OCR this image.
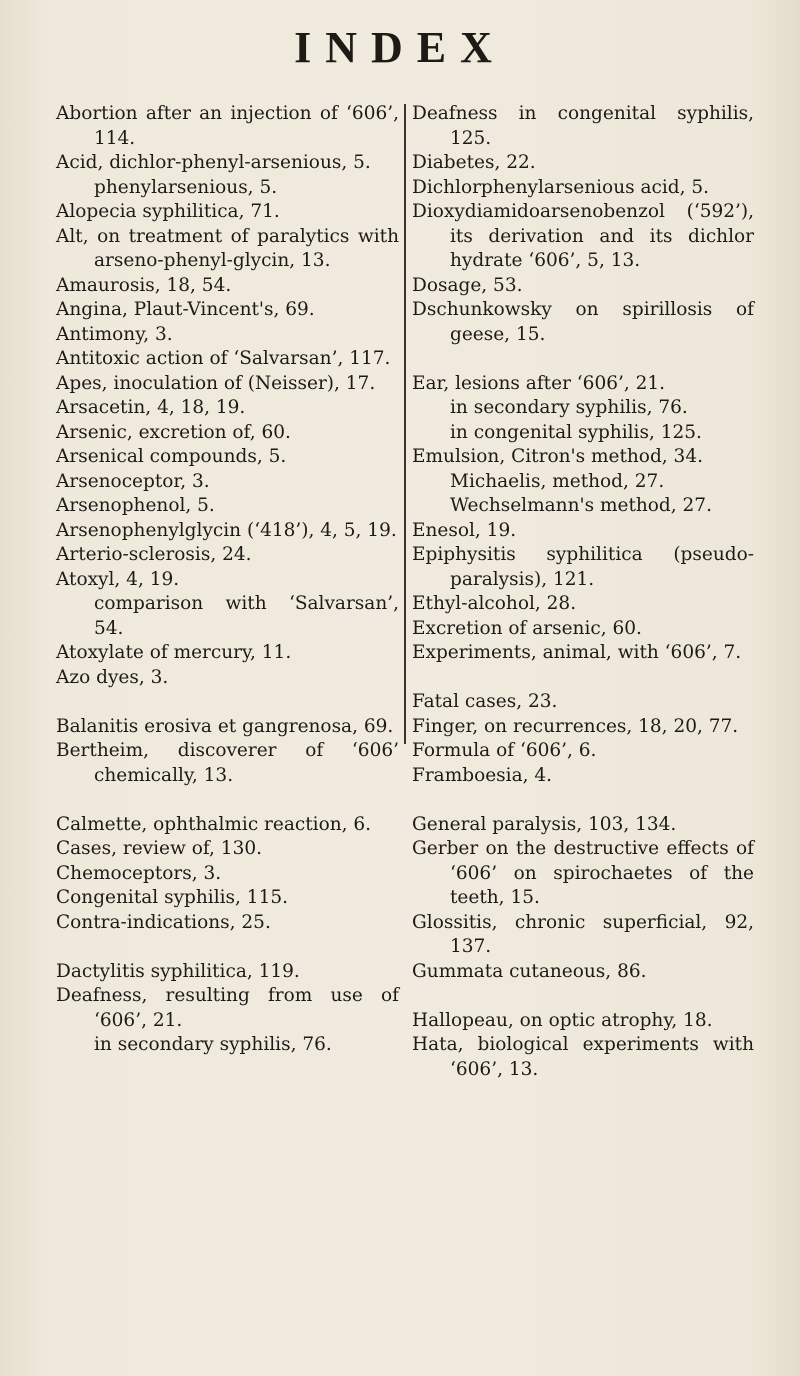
INDEX
Abortion after an injection of ‘606’, 114.
Acid, dichlor-phenyl-arsenious, 5.
phenylarsenious, 5.
Alopecia syphilitica, 71.
Alt, on treatment of paralytics with arseno-phenyl-glycin, 13.
Amaurosis, 18, 54.
Angina, Plaut-Vincent's, 69.
Antimony, 3.
Antitoxic action of ‘Salvarsan’, 117.
Apes, inoculation of (Neisser), 17.
Arsacetin, 4, 18, 19.
Arsenic, excretion of, 60.
Arsenical compounds, 5.
Arsenoceptor, 3.
Arsenophenol, 5.
Arsenophenylglycin (‘418’), 4, 5, 19.
Arterio-sclerosis, 24.
Atoxyl, 4, 19.
comparison with ‘Salvarsan’, 54.
Atoxylate of mercury, 11.
Azo dyes, 3.
Balanitis erosiva et gangrenosa, 69.
Bertheim, discoverer of ‘606’ chemically, 13.
Calmette, ophthalmic reaction, 6.
Cases, review of, 130.
Chemoceptors, 3.
Congenital syphilis, 115.
Contra-indications, 25.
Dactylitis syphilitica, 119.
Deafness, resulting from use of ‘606’, 21.
in secondary syphilis, 76.
Deafness in congenital syphilis, 125.
Diabetes, 22.
Dichlorphenylarsenious acid, 5.
Dioxydiamidoarsenobenzol (‘592’), its derivation and its dichlor hydrate ‘606’, 5, 13.
Dosage, 53.
Dschunkowsky on spirillosis of geese, 15.
Ear, lesions after ‘606’, 21.
in secondary syphilis, 76.
in congenital syphilis, 125.
Emulsion, Citron's method, 34.
Michaelis, method, 27.
Wechselmann's method, 27.
Enesol, 19.
Epiphysitis syphilitica (pseudo-paralysis), 121.
Ethyl-alcohol, 28.
Excretion of arsenic, 60.
Experiments, animal, with ‘606’, 7.
Fatal cases, 23.
Finger, on recurrences, 18, 20, 77.
Formula of ‘606’, 6.
Framboesia, 4.
General paralysis, 103, 134.
Gerber on the destructive effects of ‘606’ on spirochaetes of the teeth, 15.
Glossitis, chronic superficial, 92, 137.
Gummata cutaneous, 86.
Hallopeau, on optic atrophy, 18.
Hata, biological experiments with ‘606’, 13.
